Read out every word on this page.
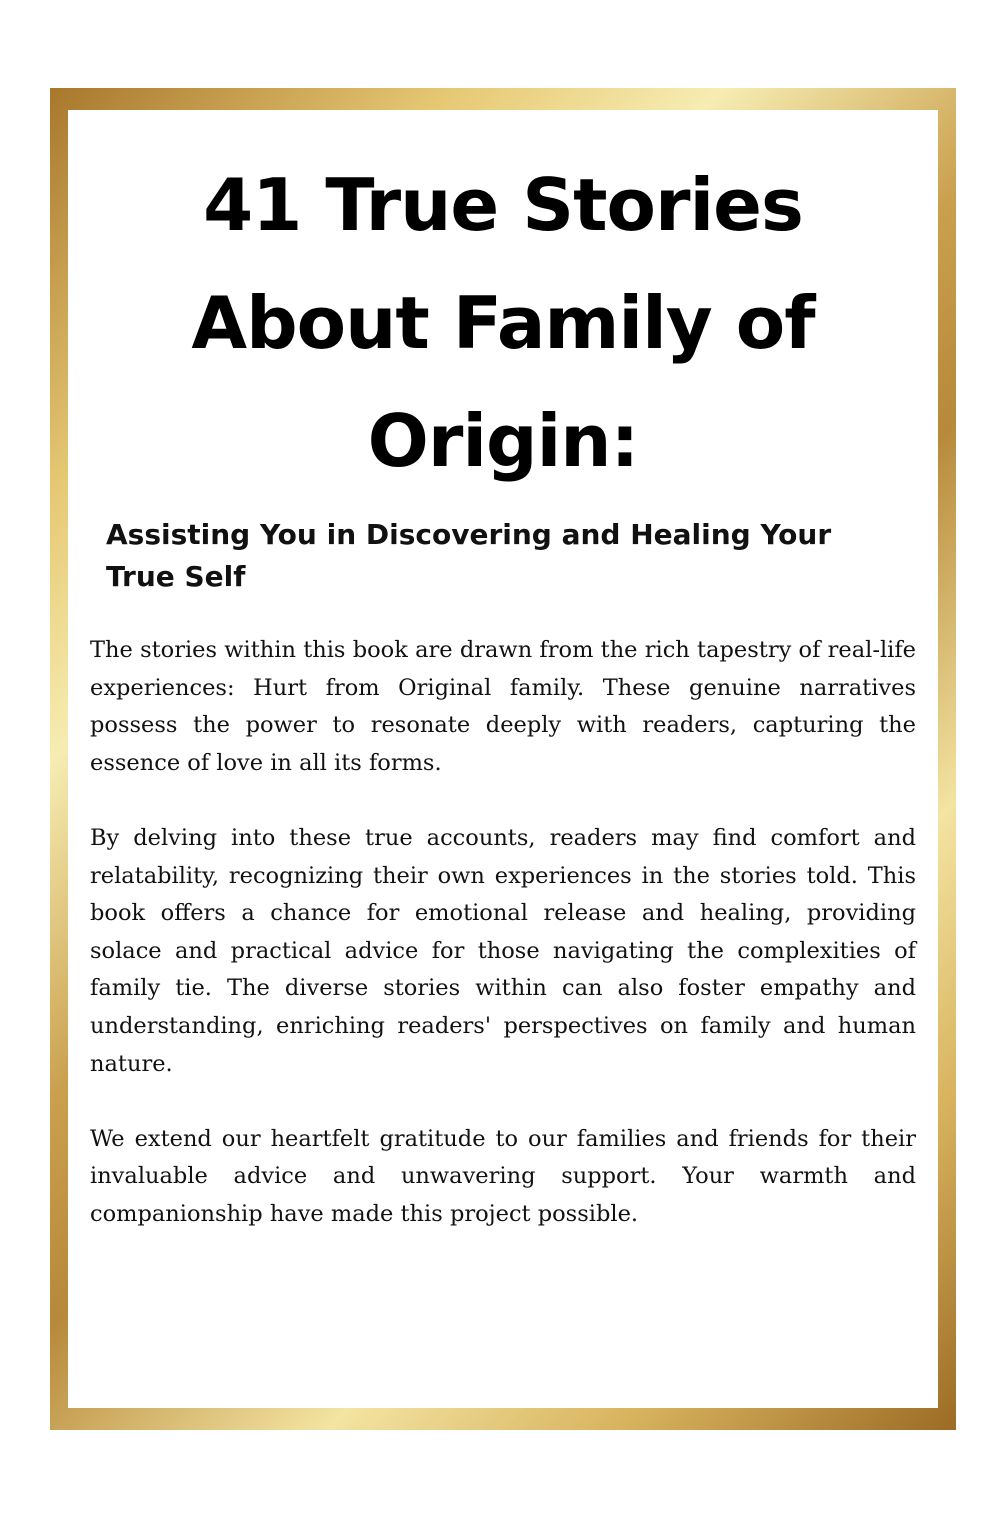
41 True Stories
About Family of
Origin:
Assisting You in Discovering and Healing Your True Self

The stories within this book are drawn from the rich tapestry of real-life experiences: Hurt from Original family. These genuine narratives possess the power to resonate deeply with readers, capturing the essence of love in all its forms.

By delving into these true accounts, readers may find comfort and relatability, recognizing their own experiences in the stories told. This book offers a chance for emotional release and healing, providing solace and practical advice for those navigating the complexities of family tie. The diverse stories within can also foster empathy and understanding, enriching readers' perspectives on family and human nature.

We extend our heartfelt gratitude to our families and friends for their invaluable advice and unwavering support. Your warmth and companionship have made this project possible.
